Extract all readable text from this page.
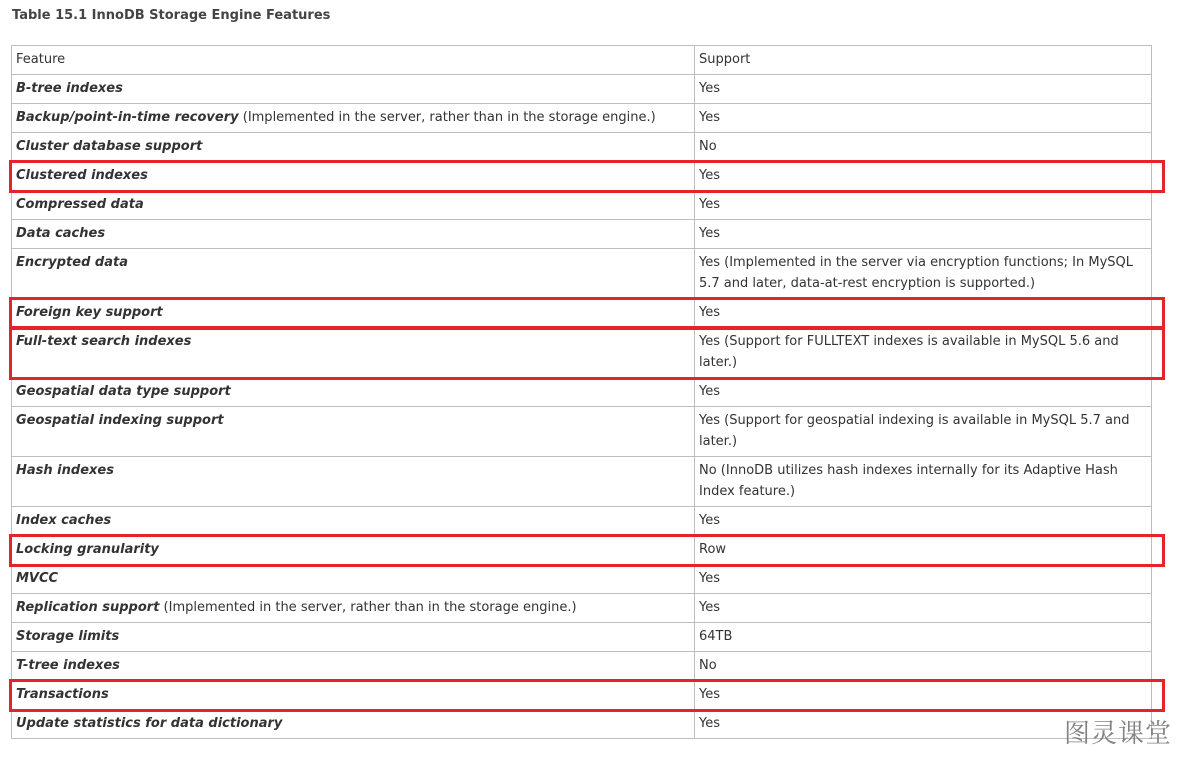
Table 15.1 InnoDB Storage Engine Features
Feature	Support
B-tree indexes	Yes
Backup/point-in-time recovery (Implemented in the server, rather than in the storage engine.)	Yes
Cluster database support	No
Clustered indexes	Yes
Compressed data	Yes
Data caches	Yes
Encrypted data	Yes (Implemented in the server via encryption functions; In MySQL 5.7 and later, data-at-rest encryption is supported.)
Foreign key support	Yes
Full-text search indexes	Yes (Support for FULLTEXT indexes is available in MySQL 5.6 and later.)
Geospatial data type support	Yes
Geospatial indexing support	Yes (Support for geospatial indexing is available in MySQL 5.7 and later.)
Hash indexes	No (InnoDB utilizes hash indexes internally for its Adaptive Hash Index feature.)
Index caches	Yes
Locking granularity	Row
MVCC	Yes
Replication support (Implemented in the server, rather than in the storage engine.)	Yes
Storage limits	64TB
T-tree indexes	No
Transactions	Yes
Update statistics for data dictionary	Yes	图灵课堂
